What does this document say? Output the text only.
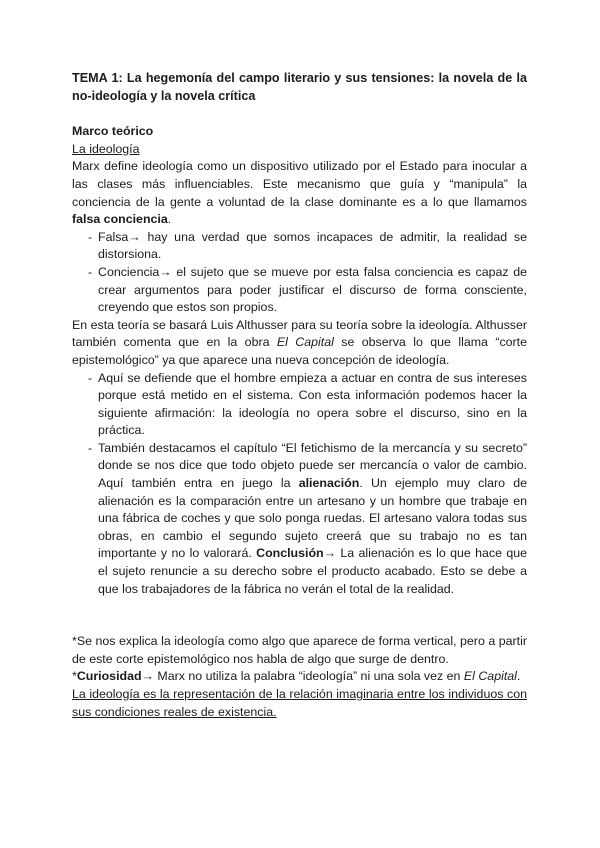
TEMA 1: La hegemonía del campo literario y sus tensiones: la novela de la no-ideología y la novela crítica

Marco teórico

La ideología

Marx define ideología como un dispositivo utilizado por el Estado para inocular a las clases más influenciables. Este mecanismo que guía y “manipula” la conciencia de la gente a voluntad de la clase dominante es a lo que llamamos falsa conciencia.

- Falsa→ hay una verdad que somos incapaces de admitir, la realidad se distorsiona.
- Conciencia→ el sujeto que se mueve por esta falsa conciencia es capaz de crear argumentos para poder justificar el discurso de forma consciente, creyendo que estos son propios.

En esta teoría se basará Luis Althusser para su teoría sobre la ideología. Althusser también comenta que en la obra El Capital se observa lo que llama “corte epistemológico” ya que aparece una nueva concepción de ideología.

- Aquí se defiende que el hombre empieza a actuar en contra de sus intereses porque está metido en el sistema. Con esta información podemos hacer la siguiente afirmación: la ideología no opera sobre el discurso, sino en la práctica.
- También destacamos el capítulo “El fetichismo de la mercancía y su secreto” donde se nos dice que todo objeto puede ser mercancía o valor de cambio. Aquí también entra en juego la alienación. Un ejemplo muy claro de alienación es la comparación entre un artesano y un hombre que trabaje en una fábrica de coches y que solo ponga ruedas. El artesano valora todas sus obras, en cambio el segundo sujeto creerá que su trabajo no es tan importante y no lo valorará. Conclusión→ La alienación es lo que hace que el sujeto renuncie a su derecho sobre el producto acabado. Esto se debe a que los trabajadores de la fábrica no verán el total de la realidad.

*Se nos explica la ideología como algo que aparece de forma vertical, pero a partir de este corte epistemológico nos habla de algo que surge de dentro.

*Curiosidad→ Marx no utiliza la palabra “ideología” ni una sola vez en El Capital.

La ideología es la representación de la relación imaginaria entre los individuos con sus condiciones reales de existencia.
